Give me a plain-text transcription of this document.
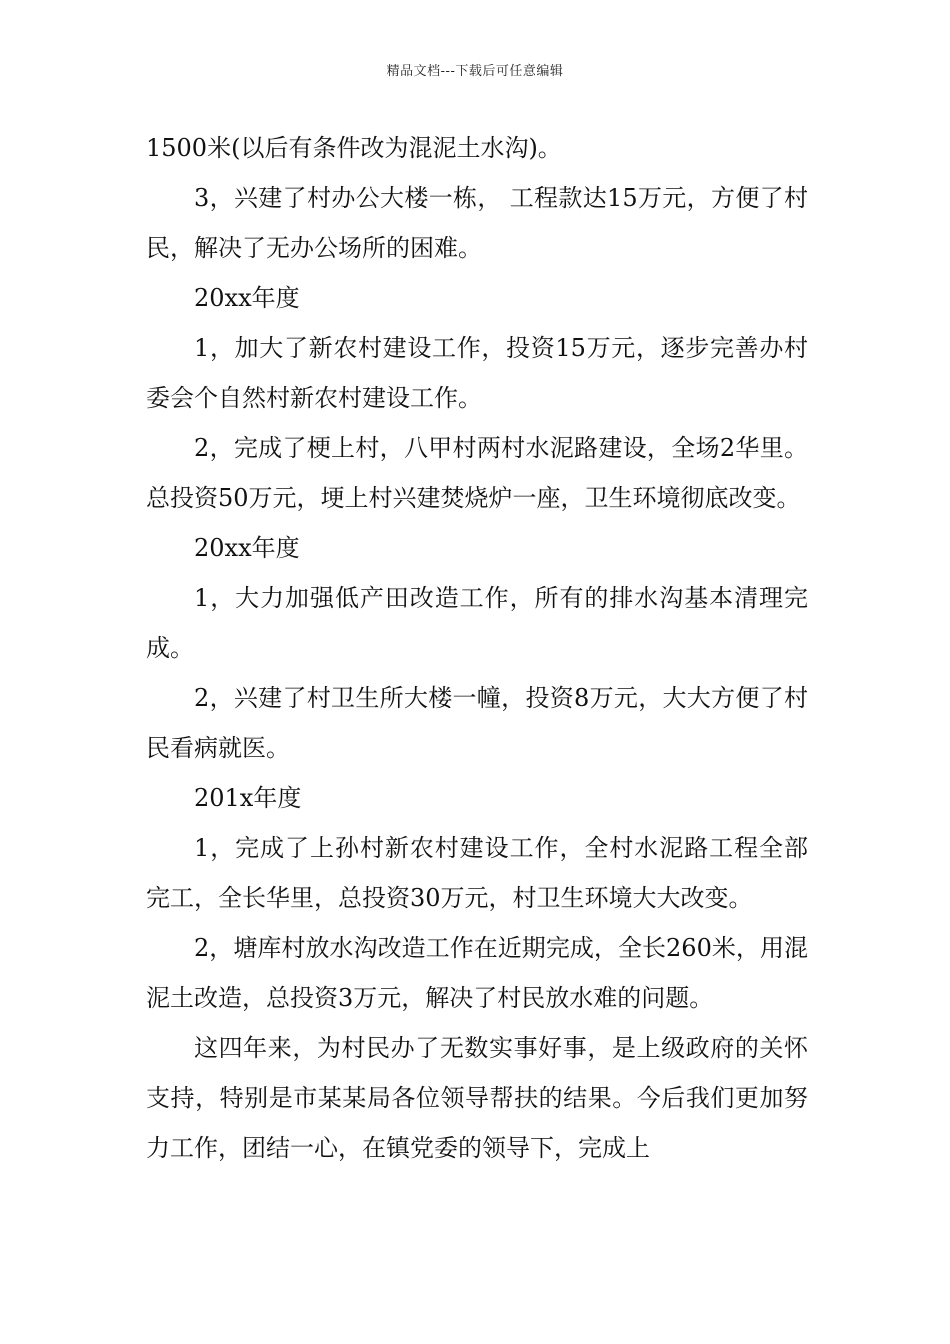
精品文档---下载后可任意编辑

1500米(以后有条件改为混泥土水沟)。

3，兴建了村办公大楼一栋， 工程款达15万元，方便了村民，解决了无办公场所的困难。

20xx年度

1，加大了新农村建设工作，投资15万元，逐步完善办村委会个自然村新农村建设工作。

2，完成了梗上村，八甲村两村水泥路建设，全场2华里。总投资50万元，埂上村兴建焚烧炉一座，卫生环境彻底改变。

20xx年度

1，大力加强低产田改造工作，所有的排水沟基本清理完成。

2，兴建了村卫生所大楼一幢，投资8万元，大大方便了村民看病就医。

201x年度

1，完成了上孙村新农村建设工作，全村水泥路工程全部完工，全长华里，总投资30万元，村卫生环境大大改变。

2，塘库村放水沟改造工作在近期完成，全长260米，用混泥土改造，总投资3万元，解决了村民放水难的问题。

这四年来，为村民办了无数实事好事，是上级政府的关怀支持，特别是市某某局各位领导帮扶的结果。今后我们更加努力工作，团结一心，在镇党委的领导下，完成上
